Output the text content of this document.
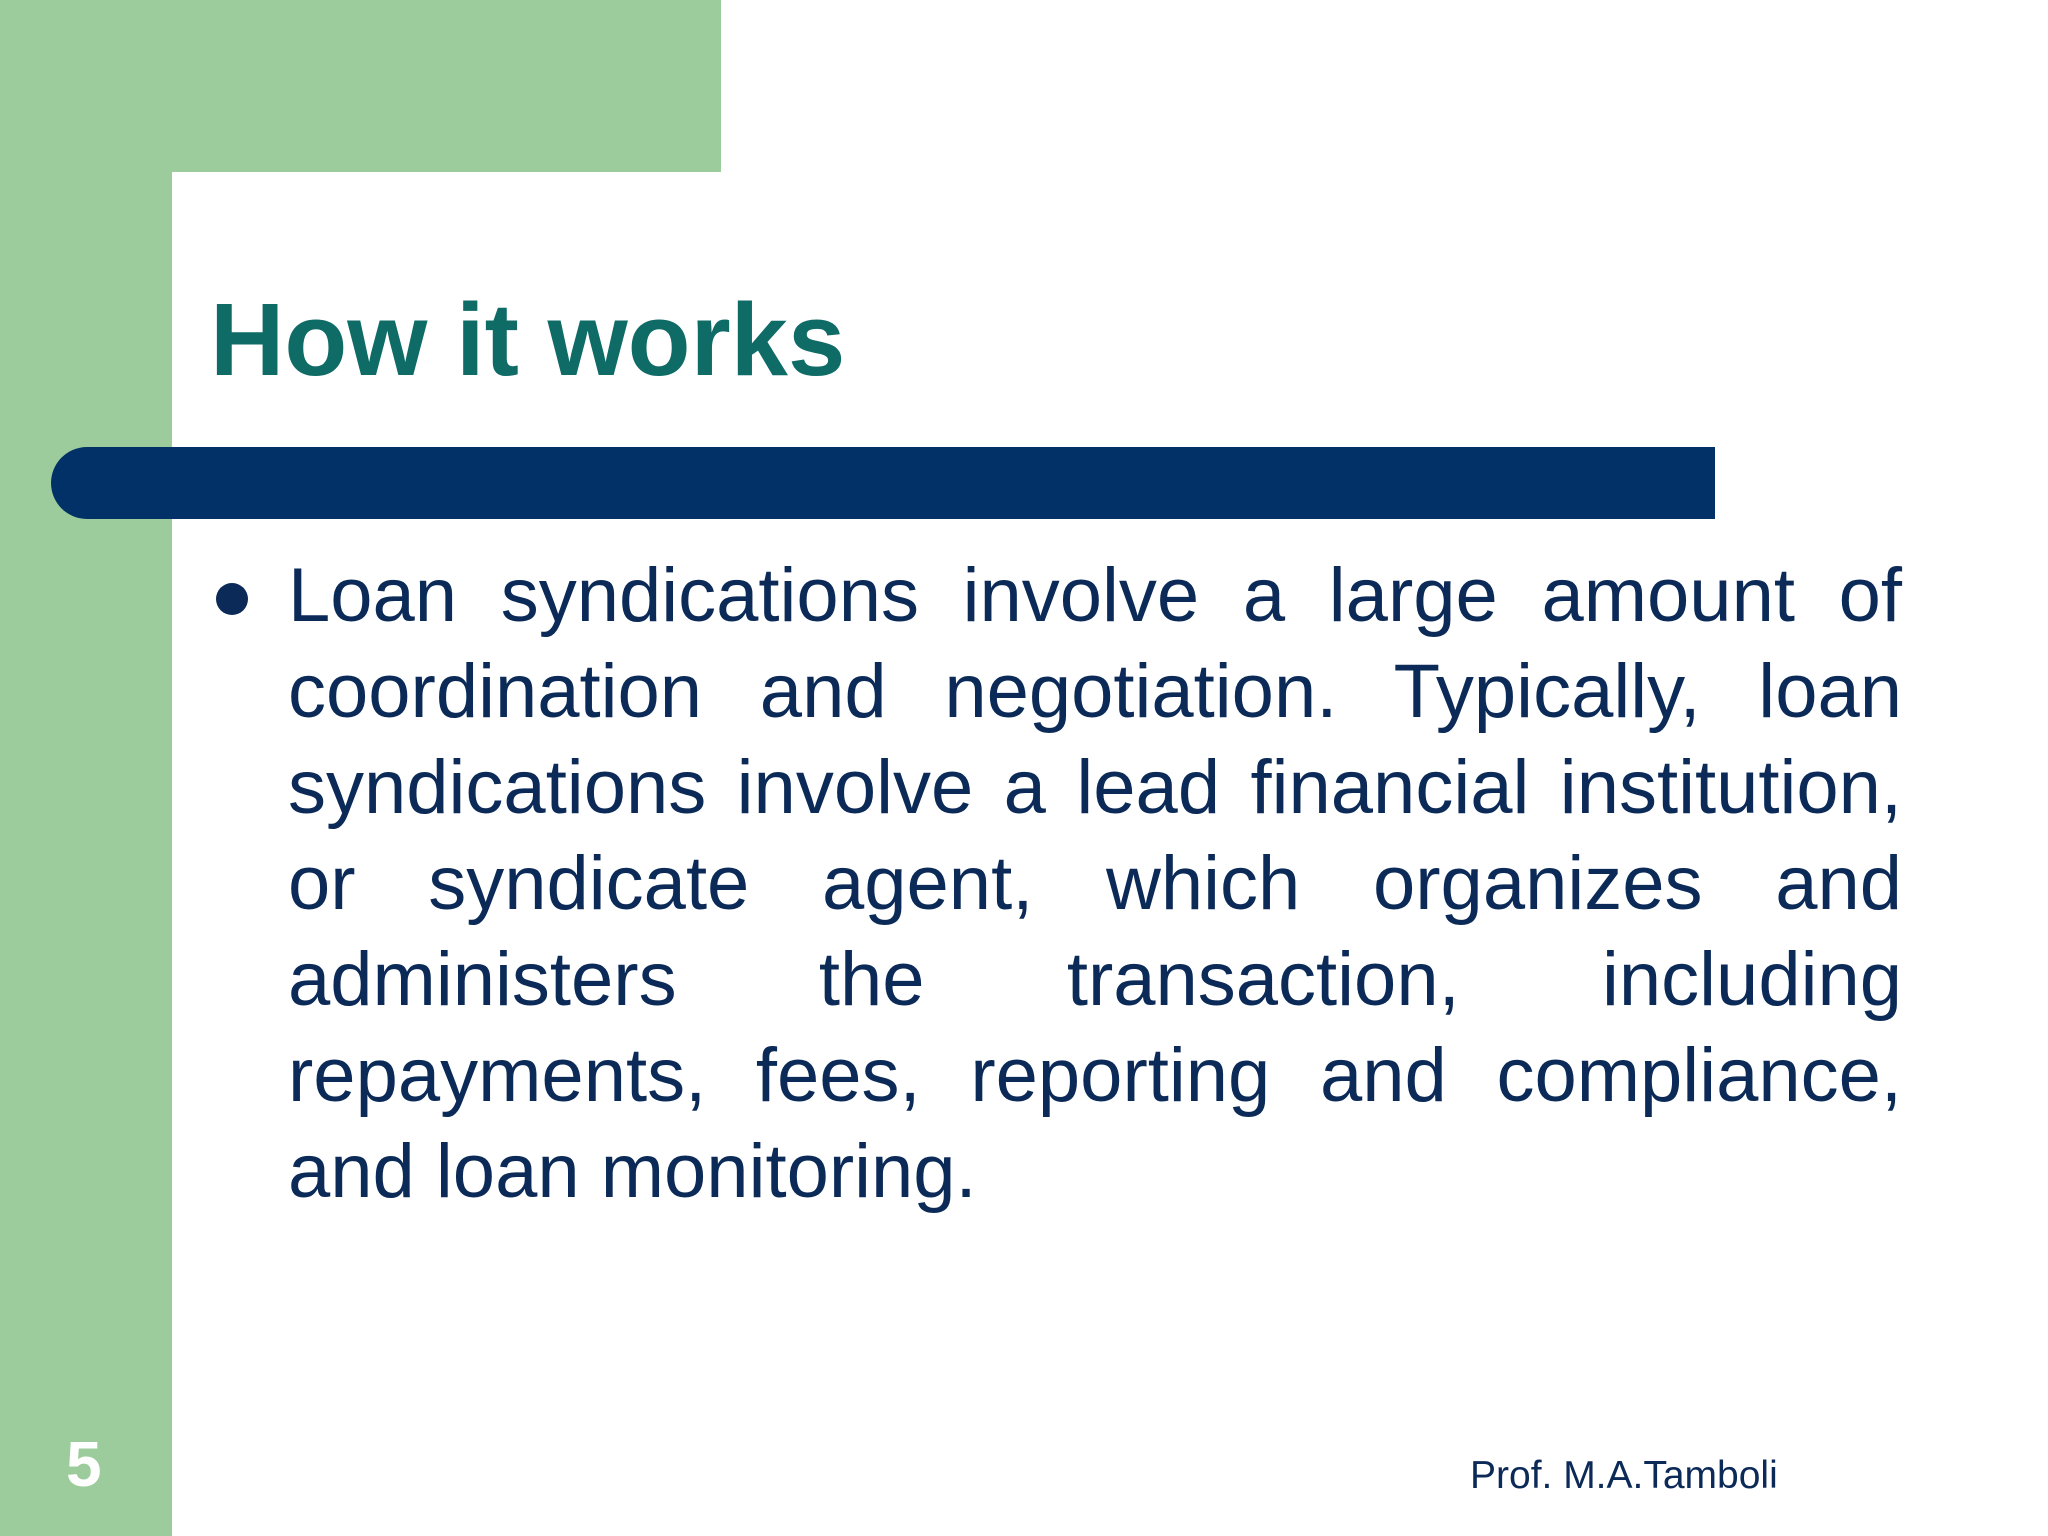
How it works

Loan syndications involve a large amount of coordination and negotiation. Typically, loan syndications involve a lead financial institution, or syndicate agent, which organizes and administers the transaction, including repayments, fees, reporting and compliance, and loan monitoring.

5	Prof. M.A.Tamboli
